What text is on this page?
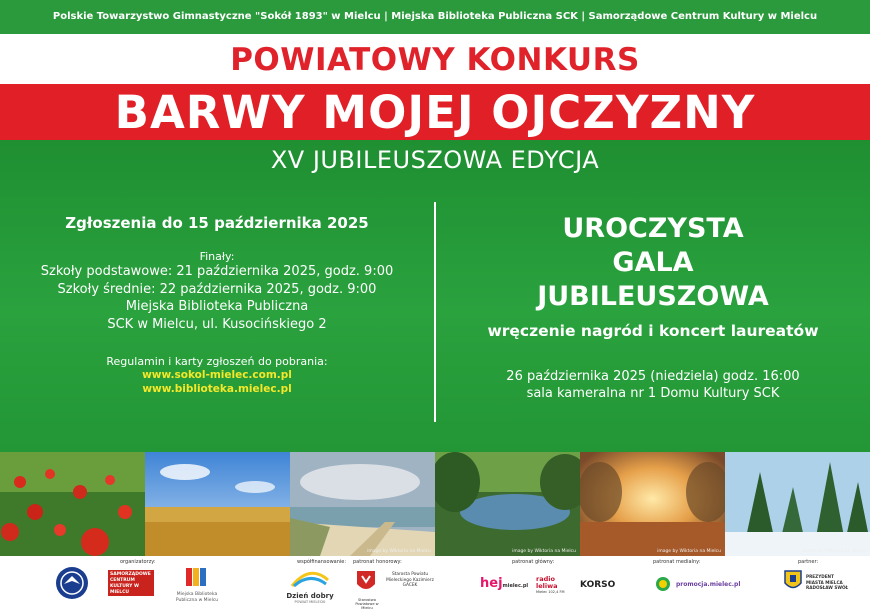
Polskie Towarzystwo Gimnastyczne "Sokół 1893" w Mielcu | Miejska Biblioteka Publiczna SCK | Samorządowe Centrum Kultury w Mielcu
POWIATOWY KONKURS
BARWY MOJEJ OJCZYZNY
XV JUBILEUSZOWA EDYCJA
Zgłoszenia do 15 października 2025
Finały:
Szkoły podstawowe: 21 października 2025, godz. 9:00
Szkoły średnie: 22 października 2025, godz. 9:00
Miejska Biblioteka Publiczna
SCK w Mielcu, ul. Kusocińskiego 2
Regulamin i karty zgłoszeń do pobrania:
www.sokol-mielec.com.pl
www.biblioteka.mielec.pl
UROCZYSTA
GALA
JUBILEUSZOWA
wręczenie nagród i koncert laureatów
26 października 2025 (niedziela) godz. 16:00
sala kameralna nr 1 Domu Kultury SCK
image by Wiktoria na Mielcu	image by Wiktoria na Mielcu	image by Wiktoria na Mielcu	image by Wiktoria na Mielcu
organizatorzy:	współfinansowanie: patronat honorowy:	patronat główny:	patronat medialny:	partner:
SAMORZĄDOWE CENTRUM KULTURY W MIELCU	Miejska Biblioteka Publiczna w Mielcu
Dzień dobry
POWIAT MIELECKI	Starostwo Powiatowe w Mielcu
Starosta Powiatu Mieleckiego Kazimierz GACEK	hejmielec.pl
radio leliwa
Mielec 102,4 FM
KORSO	promocja.mielec.pl
PREZYDENT MIASTA MIELCA RADOSŁAW SWÓŁ
